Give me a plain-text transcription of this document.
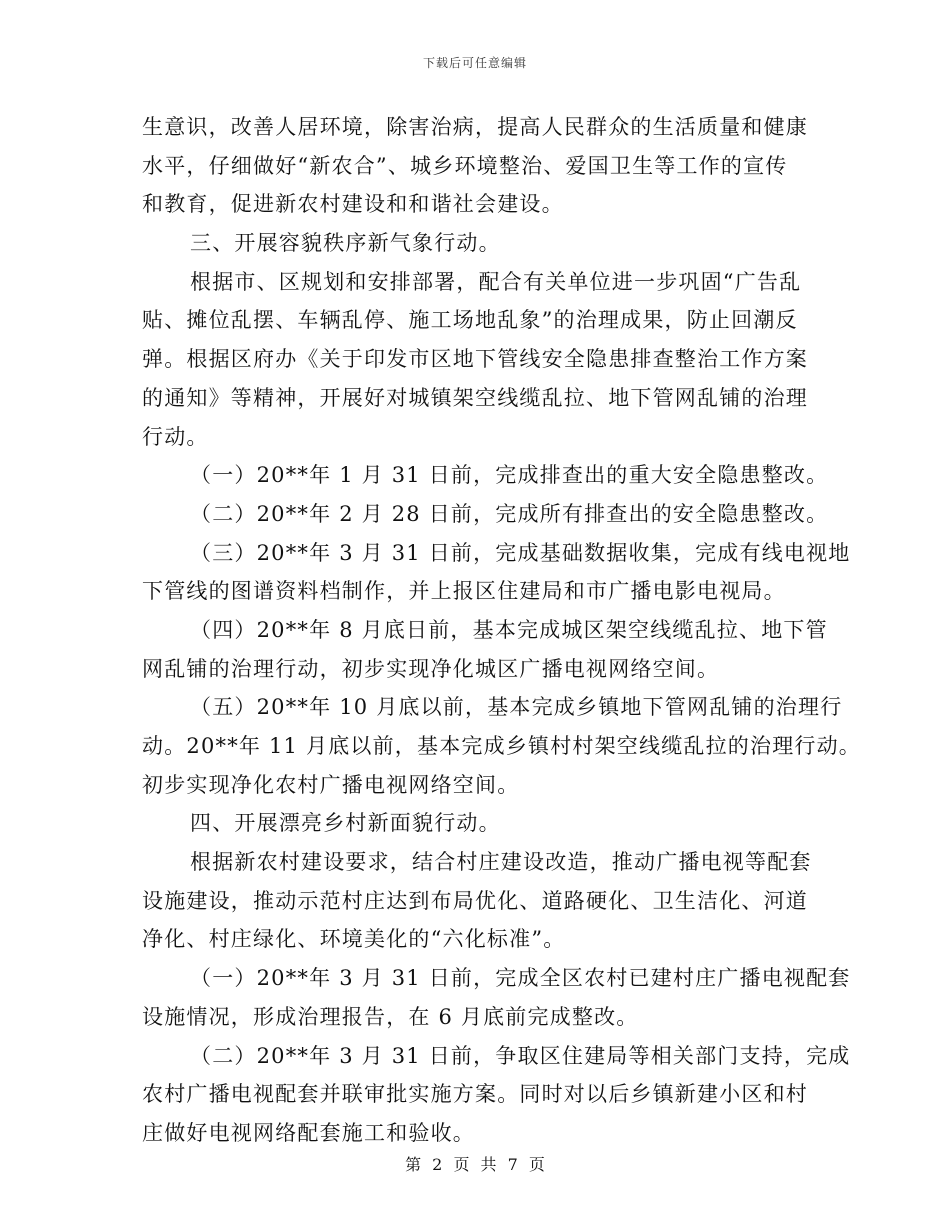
下载后可任意编辑
生意识，改善人居环境，除害治病，提高人民群众的生活质量和健康
水平，仔细做好“新农合”、城乡环境整治、爱国卫生等工作的宣传
和教育，促进新农村建设和和谐社会建设。
三、开展容貌秩序新气象行动。
根据市、区规划和安排部署，配合有关单位进一步巩固“广告乱
贴、摊位乱摆、车辆乱停、施工场地乱象”的治理成果，防止回潮反
弹。根据区府办《关于印发市区地下管线安全隐患排查整治工作方案
的通知》等精神，开展好对城镇架空线缆乱拉、地下管网乱铺的治理
行动。
（一）20**年 1 月 31 日前，完成排查出的重大安全隐患整改。
（二）20**年 2 月 28 日前，完成所有排查出的安全隐患整改。
（三）20**年 3 月 31 日前，完成基础数据收集，完成有线电视地
下管线的图谱资料档制作，并上报区住建局和市广播电影电视局。
（四）20**年 8 月底日前，基本完成城区架空线缆乱拉、地下管
网乱铺的治理行动，初步实现净化城区广播电视网络空间。
（五）20**年 10 月底以前，基本完成乡镇地下管网乱铺的治理行
动。20**年 11 月底以前，基本完成乡镇村村架空线缆乱拉的治理行动。
初步实现净化农村广播电视网络空间。
四、开展漂亮乡村新面貌行动。
根据新农村建设要求，结合村庄建设改造，推动广播电视等配套
设施建设，推动示范村庄达到布局优化、道路硬化、卫生洁化、河道
净化、村庄绿化、环境美化的“六化标准”。
（一）20**年 3 月 31 日前，完成全区农村已建村庄广播电视配套
设施情况，形成治理报告，在 6 月底前完成整改。
（二）20**年 3 月 31 日前，争取区住建局等相关部门支持，完成
农村广播电视配套并联审批实施方案。同时对以后乡镇新建小区和村
庄做好电视网络配套施工和验收。
第 2 页 共 7 页
